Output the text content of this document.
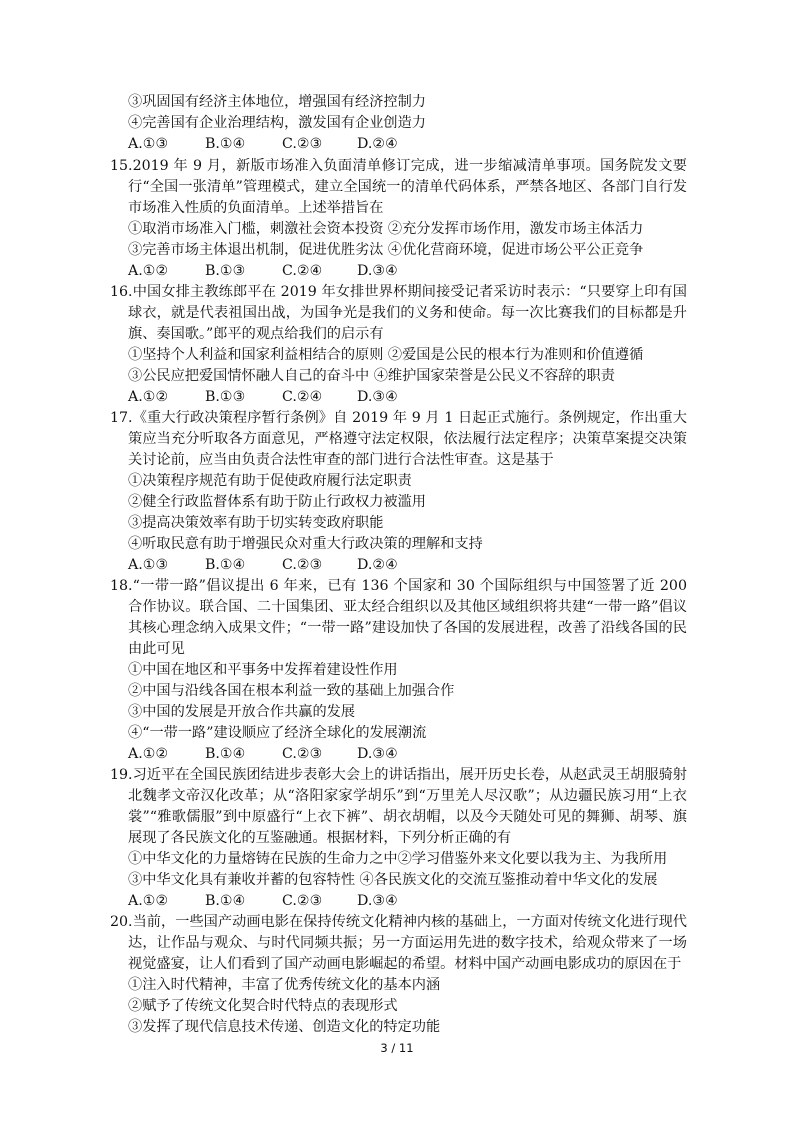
③巩固国有经济主体地位，增强国有经济控制力
④完善国有企业治理结构，激发国有企业创造力
A.①③	B.①④	C.②③ D.②④
15.2019 年 9 月，新版市场准入负面清单修订完成，进一步缩减清单事项。国务院发文要
行“全国一张清单”管理模式，建立全国统一的清单代码体系，严禁各地区、各部门自行发
市场准入性质的负面清单。上述举措旨在
①取消市场准入门槛，刺激社会资本投资 ②充分发挥市场作用，激发市场主体活力
③完善市场主体退出机制，促进优胜劣汰 ④优化营商环境，促进市场公平公正竞争
A.①②	B.①③	C.②④ D.③④
16.中国女排主教练郎平在 2019 年女排世界杯期间接受记者采访时表示：“只要穿上印有国
球衣，就是代表祖国出战，为国争光是我们的义务和使命。每一次比赛我们的目标都是升
旗、奏国歌。”郎平的观点给我们的启示有
①坚持个人利益和国家利益相结合的原则 ②爱国是公民的根本行为准则和价值遵循
③公民应把爱国情怀融人自己的奋斗中 ④维护国家荣誉是公民义不容辞的职责
A.①②	B.①③	C.②④ D.③④
17.《重大行政决策程序暂行条例》自 2019 年 9 月 1 日起正式施行。条例规定，作出重大
策应当充分听取各方面意见，严格遵守法定权限，依法履行法定程序；决策草案提交决策
关讨论前，应当由负责合法性审查的部门进行合法性审查。这是基于
①决策程序规范有助于促使政府履行法定职责
②健全行政监督体系有助于防止行政权力被滥用
③提高决策效率有助于切实转变政府职能
④听取民意有助于增强民众对重大行政决策的理解和支持
A.①③	B.①④	C.②③ D.②④
18.“一带一路”倡议提出 6 年来，已有 136 个国家和 30 个国际组织与中国签署了近 200
合作协议。联合国、二十国集团、亚太经合组织以及其他区域组织将共建“一带一路”倡议
其核心理念纳入成果文件；“一带一路”建设加快了各国的发展进程，改善了沿线各国的民
由此可见
①中国在地区和平事务中发挥着建设性作用
②中国与沿线各国在根本利益一致的基础上加强合作
③中国的发展是开放合作共赢的发展
④“一带一路”建设顺应了经济全球化的发展潮流
A.①②	B.①④	C.②③ D.③④
19.习近平在全国民族团结进步表彰大会上的讲话指出，展开历史长卷，从赵武灵王胡服骑射
北魏孝文帝汉化改革；从“洛阳家家学胡乐”到“万里羌人尽汉歌”；从边疆民族习用“上衣
裳”“雅歌儒服”到中原盛行“上衣下裤”、胡衣胡帽，以及今天随处可见的舞狮、胡琴、旗
展现了各民族文化的互鉴融通。根据材料，下列分析正确的有
①中华文化的力量熔铸在民族的生命力之中②学习借鉴外来文化要以我为主、为我所用
③中华文化具有兼收并蓄的包容特性 ④各民族文化的交流互鉴推动着中华文化的发展
A.①②	B.①④	C.②③ D.③④
20.当前，一些国产动画电影在保持传统文化精神内核的基础上，一方面对传统文化进行现代
达，让作品与观众、与时代同频共振；另一方面运用先进的数字技术，给观众带来了一场
视觉盛宴，让人们看到了国产动画电影崛起的希望。材料中国产动画电影成功的原因在于
①注入时代精神，丰富了优秀传统文化的基本内涵
②赋予了传统文化契合时代特点的表现形式
③发挥了现代信息技术传递、创造文化的特定功能
3 / 11
